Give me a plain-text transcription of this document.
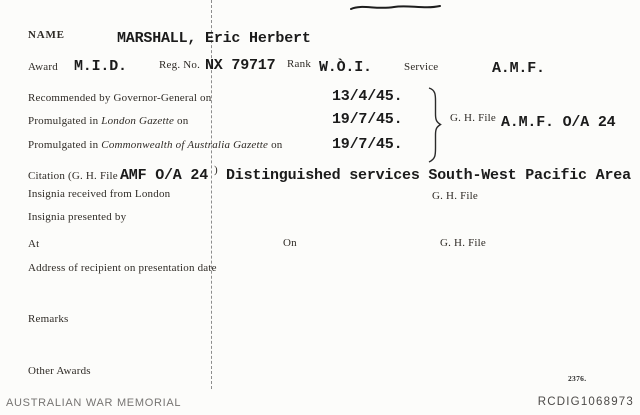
NAME	MARSHALL, Eric Herbert
Award M.I.D.	Reg. No. NX 79717 Rank W.Ò.I.	Service	A.M.F.
Recommended by Governor-General on	13/4/45.
Promulgated in London Gazette on	19/7/45.
Promulgated in Commonwealth of Australia Gazette on	19/7/45.
G. H. File A.M.F. O/A 24
Citation (G. H. File AMF O/A 24 ) Distinguished services South-West Pacific Area
Insignia received from London	G. H. File
Insignia presented by
At	On	G. H. File
Address of recipient on presentation date
Remarks
Other Awards
2376.
AUSTRALIAN WAR MEMORIAL	RCDIG1068973
